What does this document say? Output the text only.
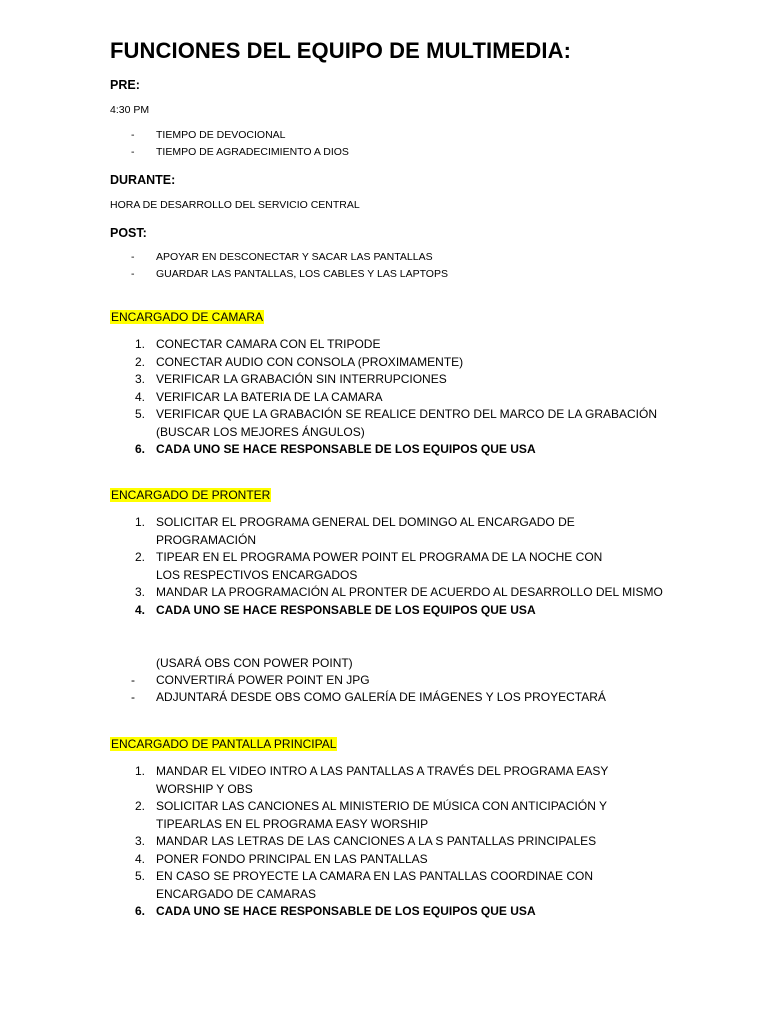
FUNCIONES DEL EQUIPO DE MULTIMEDIA:
PRE:
4:30 PM
- TIEMPO DE DEVOCIONAL
- TIEMPO DE AGRADECIMIENTO A DIOS
DURANTE:
HORA DE DESARROLLO DEL SERVICIO CENTRAL
POST:
- APOYAR EN DESCONECTAR Y SACAR LAS PANTALLAS
- GUARDAR LAS PANTALLAS, LOS CABLES Y LAS LAPTOPS
ENCARGADO DE CAMARA
1. CONECTAR CAMARA CON EL TRIPODE
2. CONECTAR AUDIO CON CONSOLA (PROXIMAMENTE)
3. VERIFICAR LA GRABACIÓN SIN INTERRUPCIONES
4. VERIFICAR LA BATERIA DE LA CAMARA
5. VERIFICAR QUE LA GRABACIÓN SE REALICE DENTRO DEL MARCO DE LA GRABACIÓN (BUSCAR LOS MEJORES ÁNGULOS)
6. CADA UNO SE HACE RESPONSABLE DE LOS EQUIPOS QUE USA
ENCARGADO DE PRONTER
1. SOLICITAR EL PROGRAMA GENERAL DEL DOMINGO AL ENCARGADO DE PROGRAMACIÓN
2. TIPEAR EN EL PROGRAMA POWER POINT EL PROGRAMA DE LA NOCHE CON LOS RESPECTIVOS ENCARGADOS
3. MANDAR LA PROGRAMACIÓN AL PRONTER DE ACUERDO AL DESARROLLO DEL MISMO
4. CADA UNO SE HACE RESPONSABLE DE LOS EQUIPOS QUE USA
(USARÁ OBS CON POWER POINT)
- CONVERTIRÁ POWER POINT EN JPG
- ADJUNTARÁ DESDE OBS COMO GALERÍA DE IMÁGENES Y LOS PROYECTARÁ
ENCARGADO DE PANTALLA PRINCIPAL
1. MANDAR EL VIDEO INTRO A LAS PANTALLAS A TRAVÉS DEL PROGRAMA EASY WORSHIP Y OBS
2. SOLICITAR LAS CANCIONES AL MINISTERIO DE MÚSICA CON ANTICIPACIÓN Y TIPEARLAS EN EL PROGRAMA EASY WORSHIP
3. MANDAR LAS LETRAS DE LAS CANCIONES A LA S PANTALLAS PRINCIPALES
4. PONER FONDO PRINCIPAL EN LAS PANTALLAS
5. EN CASO SE PROYECTE LA CAMARA EN LAS PANTALLAS COORDINAE CON ENCARGADO DE CAMARAS
6. CADA UNO SE HACE RESPONSABLE DE LOS EQUIPOS QUE USA
